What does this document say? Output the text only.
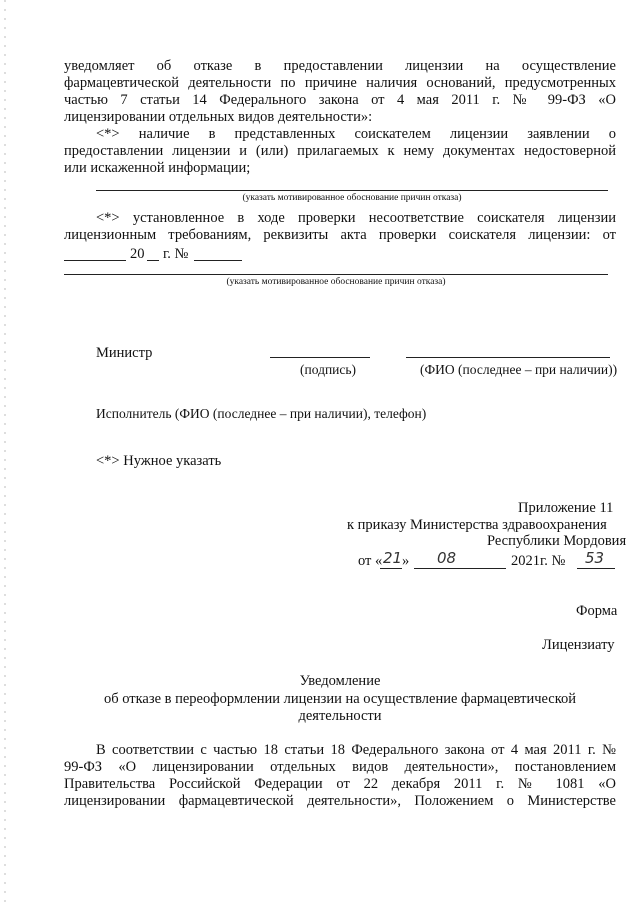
уведомляет об отказе в предоставлении лицензии на осуществление
фармацевтической деятельности по причине наличия оснований, предусмотренных
частью 7 статьи 14 Федерального закона от 4 мая 2011 г. № 99-ФЗ «О
лицензировании отдельных видов деятельности»:
<*> наличие в представленных соискателем лицензии заявлении о
предоставлении лицензии и (или) прилагаемых к нему документах недостоверной
или искаженной информации;
(указать мотивированное обоснование причин отказа)
<*> установленное в ходе проверки несоответствие соискателя лицензии
лицензионным требованиям, реквизиты акта проверки соискателя лицензии: от
20 г. №
(указать мотивированное обоснование причин отказа)
Министр
(подпись)	(ФИО (последнее – при наличии))
Исполнитель (ФИО (последнее – при наличии), телефон)
<*> Нужное указать
Приложение 11
к приказу Министерства здравоохранения
Республики Мордовия
от « 21 » 08	2021г. № 53
Форма
Лицензиату
Уведомление
об отказе в переоформлении лицензии на осуществление фармацевтической
деятельности
В соответствии с частью 18 статьи 18 Федерального закона от 4 мая 2011 г. №
99-ФЗ «О лицензировании отдельных видов деятельности», постановлением
Правительства Российской Федерации от 22 декабря 2011 г. № 1081 «О
лицензировании фармацевтической деятельности», Положением о Министерстве
